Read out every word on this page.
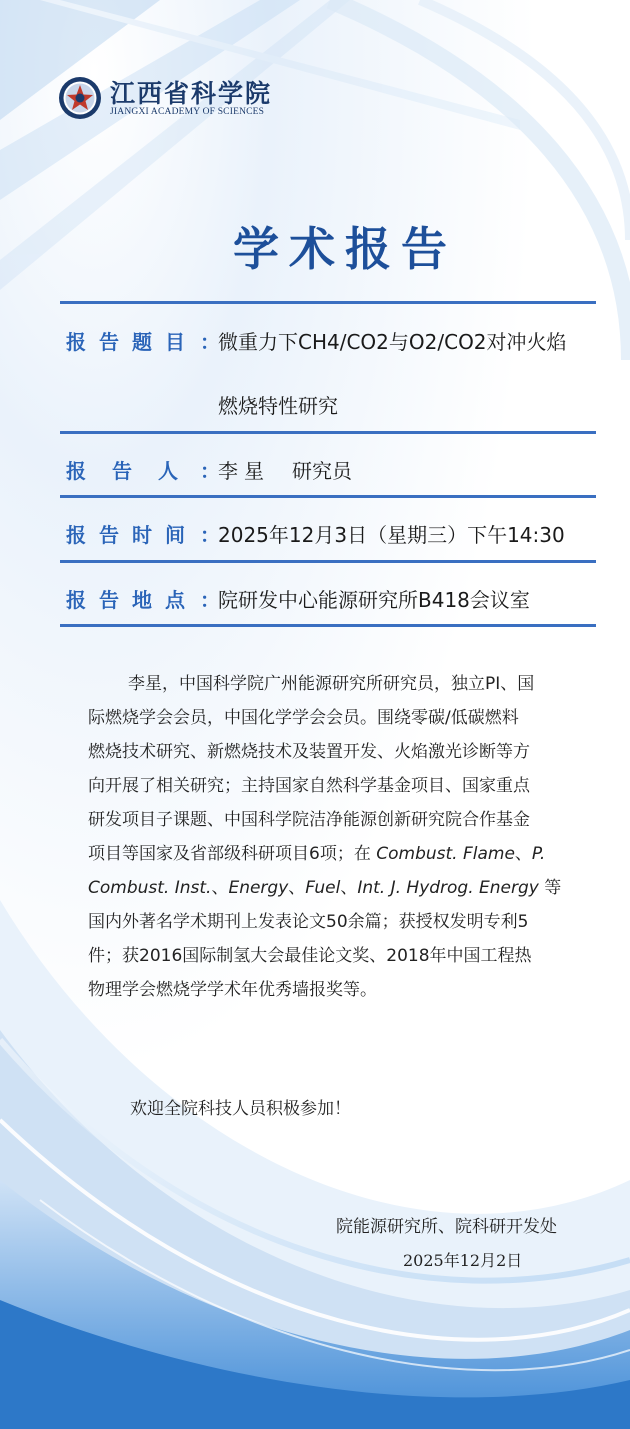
江西省科学院
JIANGXI ACADEMY OF SCIENCES
学术报告
报告题目 ：
微重力下CH4/CO2与O2/CO2对冲火焰
燃烧特性研究
报告人
：
李星 研究员
报告时间 ：
2025年12月3日（星期三）下午14:30
报告地点 ：
院研发中心能源研究所B418会议室
李星，中国科学院广州能源研究所研究员，独立PI、国
际燃烧学会会员，中国化学学会会员。围绕零碳/低碳燃料
燃烧技术研究、新燃烧技术及装置开发、火焰激光诊断等方
向开展了相关研究；主持国家自然科学基金项目、国家重点
研发项目子课题、中国科学院洁净能源创新研究院合作基金
项目等国家及省部级科研项目6项；在 Combust. Flame、P.
Combust. Inst.、Energy、Fuel、Int. J. Hydrog. Energy 等
国内外著名学术期刊上发表论文50余篇；获授权发明专利5
件；获2016国际制氢大会最佳论文奖、2018年中国工程热
物理学会燃烧学学术年优秀墙报奖等。
欢迎全院科技人员积极参加！
院能源研究所、院科研开发处
2025年12月2日
